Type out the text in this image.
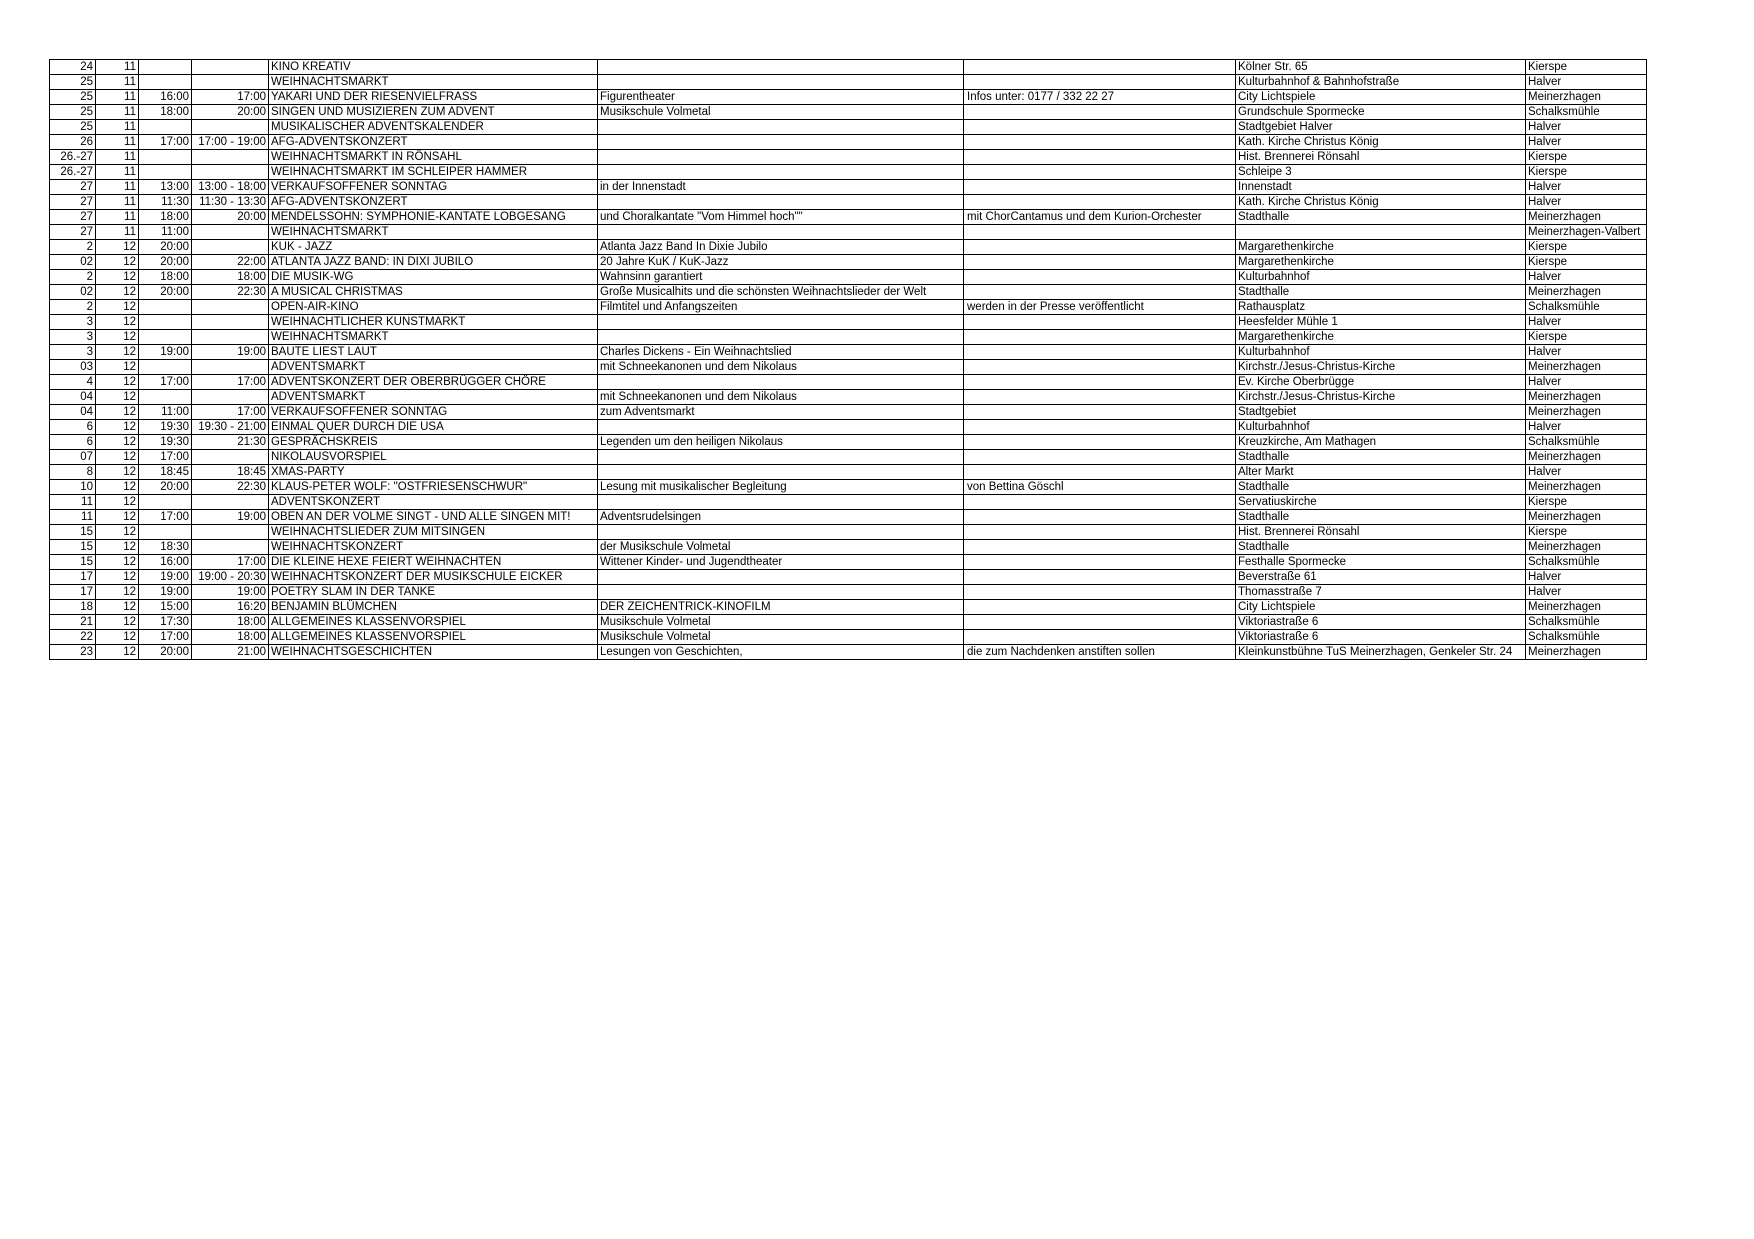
24	11			KINO KREATIV			Kölner Str. 65	Kierspe
25	11			WEIHNACHTSMARKT			Kulturbahnhof & Bahnhofstraße	Halver
25	11	16:00	17:00	YAKARI UND DER RIESENVIELFRASS	Figurentheater	Infos unter: 0177 / 332 22 27	City Lichtspiele	Meinerzhagen
25	11	18:00	20:00	SINGEN UND MUSIZIEREN ZUM ADVENT	Musikschule Volmetal		Grundschule Spormecke	Schalksmühle
25	11			MUSIKALISCHER ADVENTSKALENDER			Stadtgebiet Halver	Halver
26	11	17:00	17:00 - 19:00	AFG-ADVENTSKONZERT			Kath. Kirche Christus König	Halver
26.-27	11			WEIHNACHTSMARKT IN RÖNSAHL			Hist. Brennerei Rönsahl	Kierspe
26.-27	11			WEIHNACHTSMARKT IM SCHLEIPER HAMMER			Schleipe 3	Kierspe
27	11	13:00	13:00 - 18:00	VERKAUFSOFFENER SONNTAG	in der Innenstadt		Innenstadt	Halver
27	11	11:30	11:30 - 13:30	AFG-ADVENTSKONZERT			Kath. Kirche Christus König	Halver
27	11	18:00	20:00	MENDELSSOHN: SYMPHONIE-KANTATE LOBGESANG	und Choralkantate "Vom Himmel hoch""	mit ChorCantamus und dem Kurion-Orchester	Stadthalle	Meinerzhagen
27	11	11:00		WEIHNACHTSMARKT				Meinerzhagen-Valbert
2	12	20:00		KUK - JAZZ	Atlanta Jazz Band In Dixie Jubilo		Margarethenkirche	Kierspe
02	12	20:00	22:00	ATLANTA JAZZ BAND: IN DIXI JUBILO	20 Jahre KuK / KuK-Jazz		Margarethenkirche	Kierspe
2	12	18:00	18:00	DIE MUSIK-WG	Wahnsinn garantiert		Kulturbahnhof	Halver
02	12	20:00	22:30	A MUSICAL CHRISTMAS	Große Musicalhits und die schönsten Weihnachtslieder der Welt		Stadthalle	Meinerzhagen
2	12			OPEN-AIR-KINO	Filmtitel und Anfangszeiten	werden in der Presse veröffentlicht	Rathausplatz	Schalksmühle
3	12			WEIHNACHTLICHER KUNSTMARKT			Heesfelder Mühle 1	Halver
3	12			WEIHNACHTSMARKT			Margarethenkirche	Kierspe
3	12	19:00	19:00	BAUTE LIEST LAUT	Charles Dickens - Ein Weihnachtslied		Kulturbahnhof	Halver
03	12			ADVENTSMARKT	mit Schneekanonen und dem Nikolaus		Kirchstr./Jesus-Christus-Kirche	Meinerzhagen
4	12	17:00	17:00	ADVENTSKONZERT DER OBERBRÜGGER CHÖRE			Ev. Kirche Oberbrügge	Halver
04	12			ADVENTSMARKT	mit Schneekanonen und dem Nikolaus		Kirchstr./Jesus-Christus-Kirche	Meinerzhagen
04	12	11:00	17:00	VERKAUFSOFFENER SONNTAG	zum Adventsmarkt		Stadtgebiet	Meinerzhagen
6	12	19:30	19:30 - 21:00	EINMAL QUER DURCH DIE USA			Kulturbahnhof	Halver
6	12	19:30	21:30	GESPRÄCHSKREIS	Legenden um den heiligen Nikolaus		Kreuzkirche, Am Mathagen	Schalksmühle
07	12	17:00		NIKOLAUSVORSPIEL			Stadthalle	Meinerzhagen
8	12	18:45	18:45	XMAS-PARTY			Alter Markt	Halver
10	12	20:00	22:30	KLAUS-PETER WOLF: "OSTFRIESENSCHWUR"	Lesung mit musikalischer Begleitung	von Bettina Göschl	Stadthalle	Meinerzhagen
11	12			ADVENTSKONZERT			Servatiuskirche	Kierspe
11	12	17:00	19:00	OBEN AN DER VOLME SINGT - UND ALLE SINGEN MIT!	Adventsrudelsingen		Stadthalle	Meinerzhagen
15	12			WEIHNACHTSLIEDER ZUM MITSINGEN			Hist. Brennerei Rönsahl	Kierspe
15	12	18:30		WEIHNACHTSKONZERT	der Musikschule Volmetal		Stadthalle	Meinerzhagen
15	12	16:00	17:00	DIE KLEINE HEXE FEIERT WEIHNACHTEN	Wittener Kinder- und Jugendtheater		Festhalle Spormecke	Schalksmühle
17	12	19:00	19:00 - 20:30	WEIHNACHTSKONZERT DER MUSIKSCHULE EICKER			Beverstraße 61	Halver
17	12	19:00	19:00	POETRY SLAM IN DER TANKE			Thomasstraße 7	Halver
18	12	15:00	16:20	BENJAMIN BLÜMCHEN	DER ZEICHENTRICK-KINOFILM		City Lichtspiele	Meinerzhagen
21	12	17:30	18:00	ALLGEMEINES KLASSENVORSPIEL	Musikschule Volmetal		Viktoriastraße 6	Schalksmühle
22	12	17:00	18:00	ALLGEMEINES KLASSENVORSPIEL	Musikschule Volmetal		Viktoriastraße 6	Schalksmühle
23	12	20:00	21:00	WEIHNACHTSGESCHICHTEN	Lesungen von Geschichten,	die zum Nachdenken anstiften sollen	Kleinkunstbühne TuS Meinerzhagen, Genkeler Str. 24	Meinerzhagen
